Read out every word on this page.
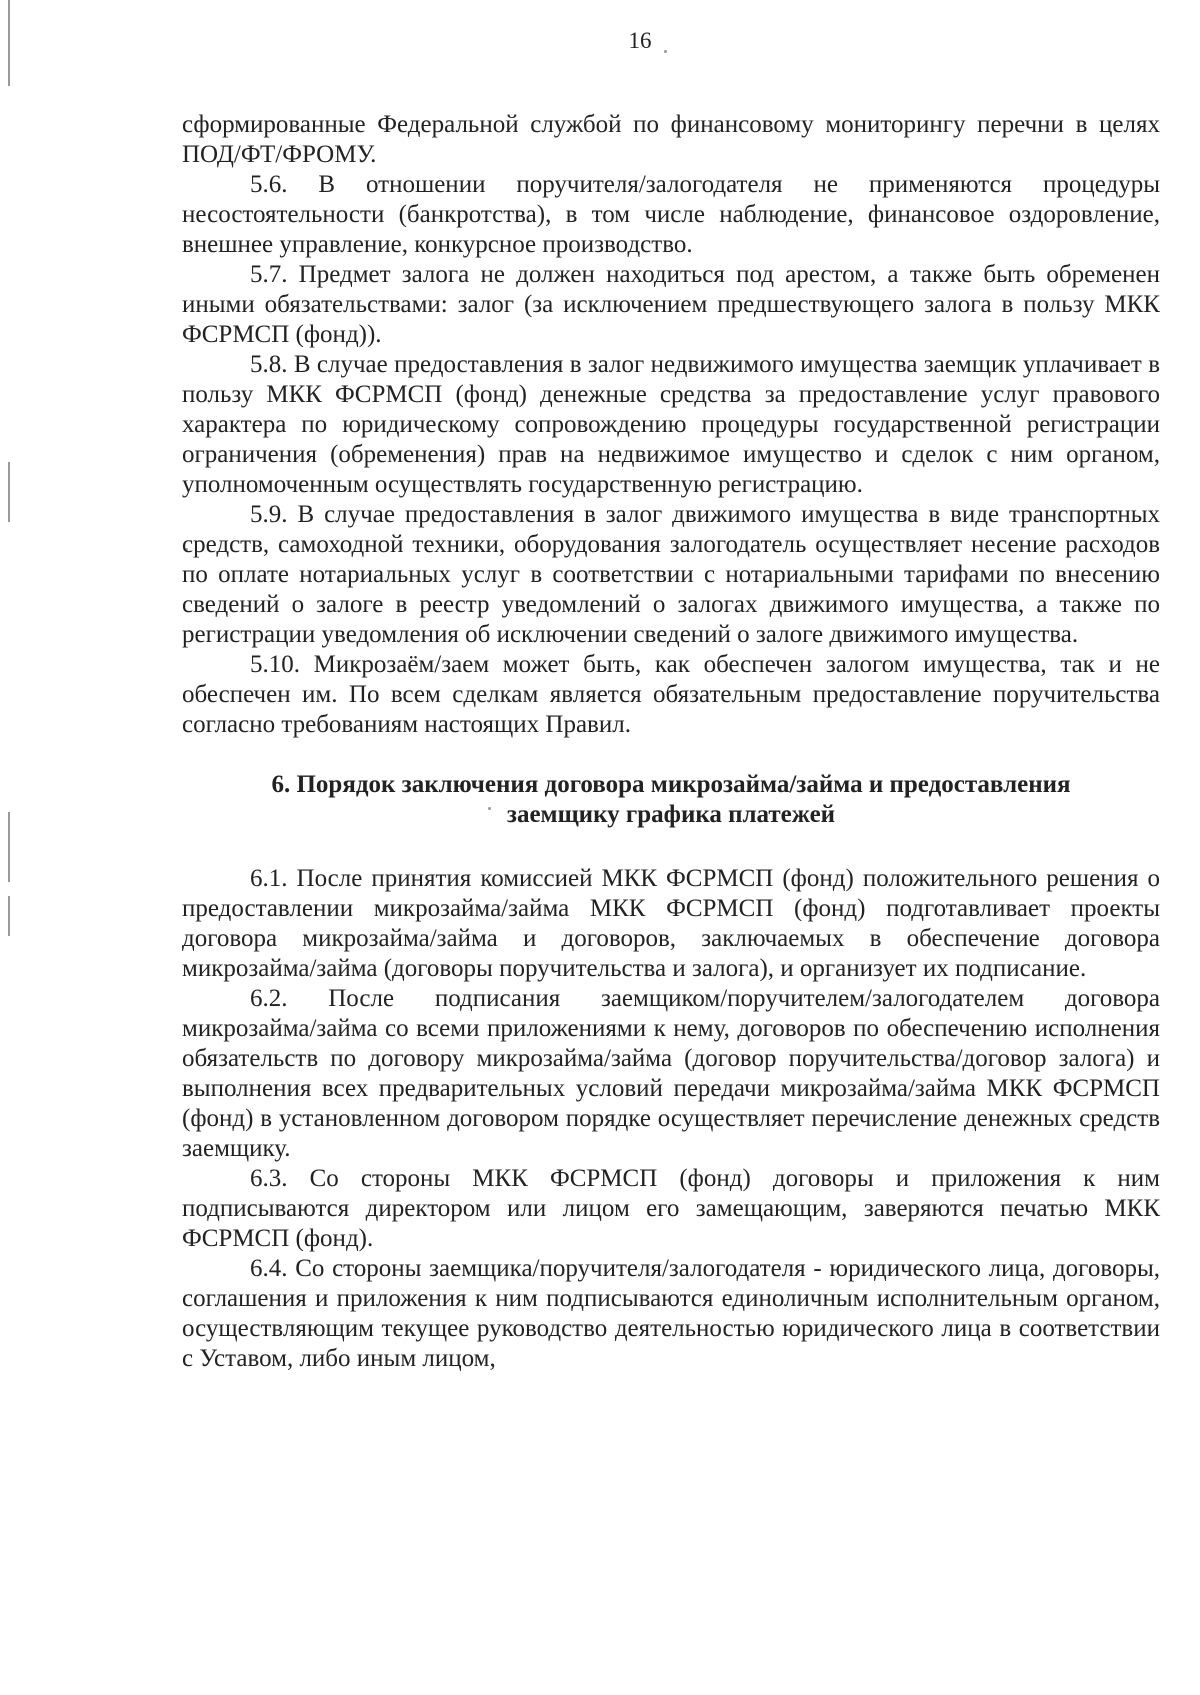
16

сформированные Федеральной службой по финансовому мониторингу перечни в целях ПОД/ФТ/ФРОМУ.

5.6. В отношении поручителя/залогодателя не применяются процедуры несостоятельности (банкротства), в том числе наблюдение, финансовое оздоровление, внешнее управление, конкурсное производство.

5.7. Предмет залога не должен находиться под арестом, а также быть обременен иными обязательствами: залог (за исключением предшествующего залога в пользу МКК ФСРМСП (фонд)).

5.8. В случае предоставления в залог недвижимого имущества заемщик уплачивает в пользу МКК ФСРМСП (фонд) денежные средства за предоставление услуг правового характера по юридическому сопровождению процедуры государственной регистрации ограничения (обременения) прав на недвижимое имущество и сделок с ним органом, уполномоченным осуществлять государственную регистрацию.

5.9. В случае предоставления в залог движимого имущества в виде транспортных средств, самоходной техники, оборудования залогодатель осуществляет несение расходов по оплате нотариальных услуг в соответствии с нотариальными тарифами по внесению сведений о залоге в реестр уведомлений о залогах движимого имущества, а также по регистрации уведомления об исключении сведений о залоге движимого имущества.

5.10. Микрозаём/заем может быть, как обеспечен залогом имущества, так и не обеспечен им. По всем сделкам является обязательным предоставление поручительства согласно требованиям настоящих Правил.

6. Порядок заключения договора микрозайма/займа и предоставления
заемщику графика платежей

6.1. После принятия комиссией МКК ФСРМСП (фонд) положительного решения о предоставлении микрозайма/займа МКК ФСРМСП (фонд) подготавливает проекты договора микрозайма/займа и договоров, заключаемых в обеспечение договора микрозайма/займа (договоры поручительства и залога), и организует их подписание.

6.2. После подписания заемщиком/поручителем/залогодателем договора микрозайма/займа со всеми приложениями к нему, договоров по обеспечению исполнения обязательств по договору микрозайма/займа (договор поручительства/договор залога) и выполнения всех предварительных условий передачи микрозайма/займа МКК ФСРМСП (фонд) в установленном договором порядке осуществляет перечисление денежных средств заемщику.

6.3. Со стороны МКК ФСРМСП (фонд) договоры и приложения к ним подписываются директором или лицом его замещающим, заверяются печатью МКК ФСРМСП (фонд).

6.4. Со стороны заемщика/поручителя/залогодателя - юридического лица, договоры, соглашения и приложения к ним подписываются единоличным исполнительным органом, осуществляющим текущее руководство деятельностью юридического лица в соответствии с Уставом, либо иным лицом,
